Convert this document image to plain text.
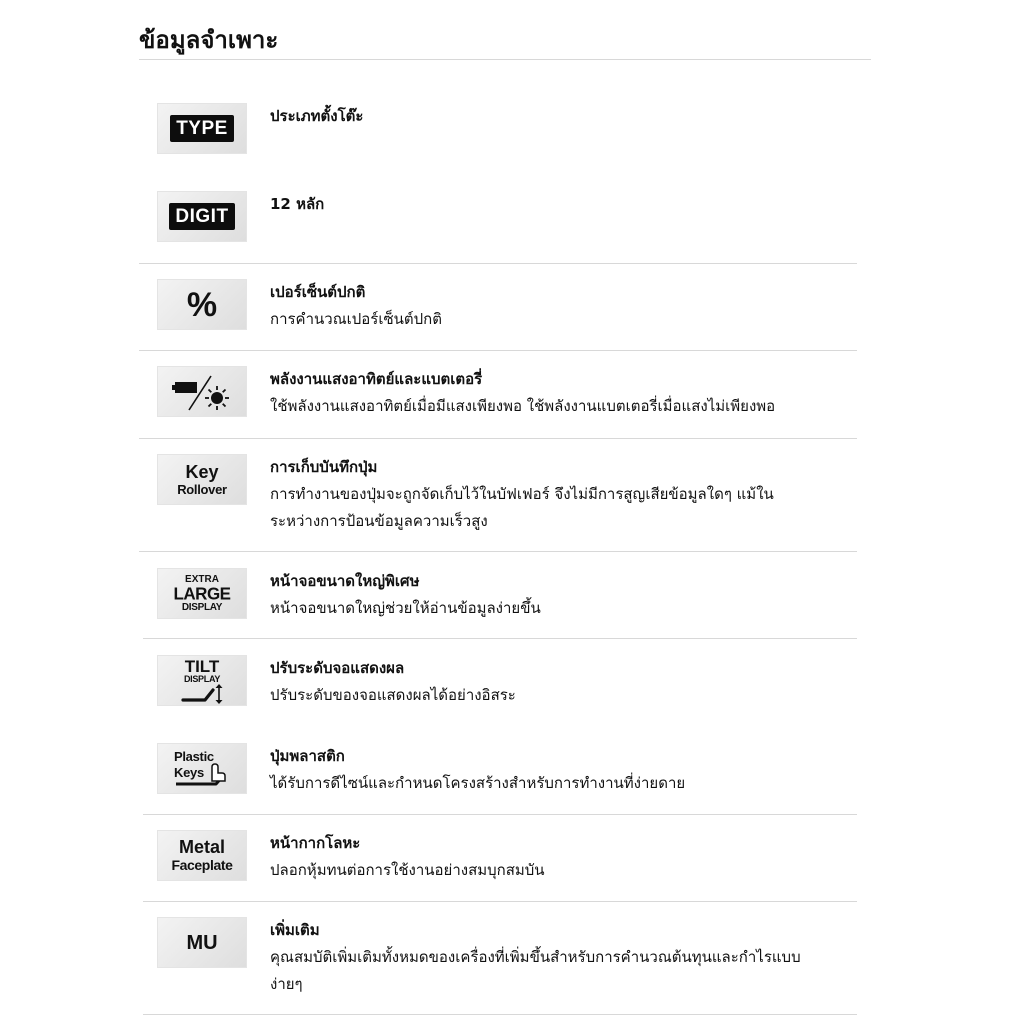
ข้อมูลจำเพาะ
TYPE

ประเภทตั้งโต๊ะ

DIGIT

12 หลัก

%	เปอร์เซ็นต์ปกติ

การคำนวณเปอร์เซ็นต์ปกติ

พลังงานแสงอาทิตย์และแบตเตอรี่

ใช้พลังงานแสงอาทิตย์เมื่อมีแสงเพียงพอ ใช้พลังงานแบตเตอรี่เมื่อแสงไม่เพียงพอ

Key
Rollover

การเก็บบันทึกปุ่ม

การทำงานของปุ่มจะถูกจัดเก็บไว้ในบัฟเฟอร์ จึงไม่มีการสูญเสียข้อมูลใดๆ แม้ใน

ระหว่างการป้อนข้อมูลความเร็วสูง

EXTRA
LARGE
DISPLAY

หน้าจอขนาดใหญ่พิเศษ

หน้าจอขนาดใหญ่ช่วยให้อ่านข้อมูลง่ายขึ้น

TILT
DISPLAY

ปรับระดับจอแสดงผล

ปรับระดับของจอแสดงผลได้อย่างอิสระ

Plastic
Keys

ปุ่มพลาสติก

ได้รับการดีไซน์และกำหนดโครงสร้างสำหรับการทำงานที่ง่ายดาย

Metal
Faceplate

หน้ากากโลหะ

ปลอกหุ้มทนต่อการใช้งานอย่างสมบุกสมบัน

MU

เพิ่มเติม

คุณสมบัติเพิ่มเติมทั้งหมดของเครื่องที่เพิ่มขึ้นสำหรับการคำนวณต้นทุนและกำไรแบบ

ง่ายๆ
